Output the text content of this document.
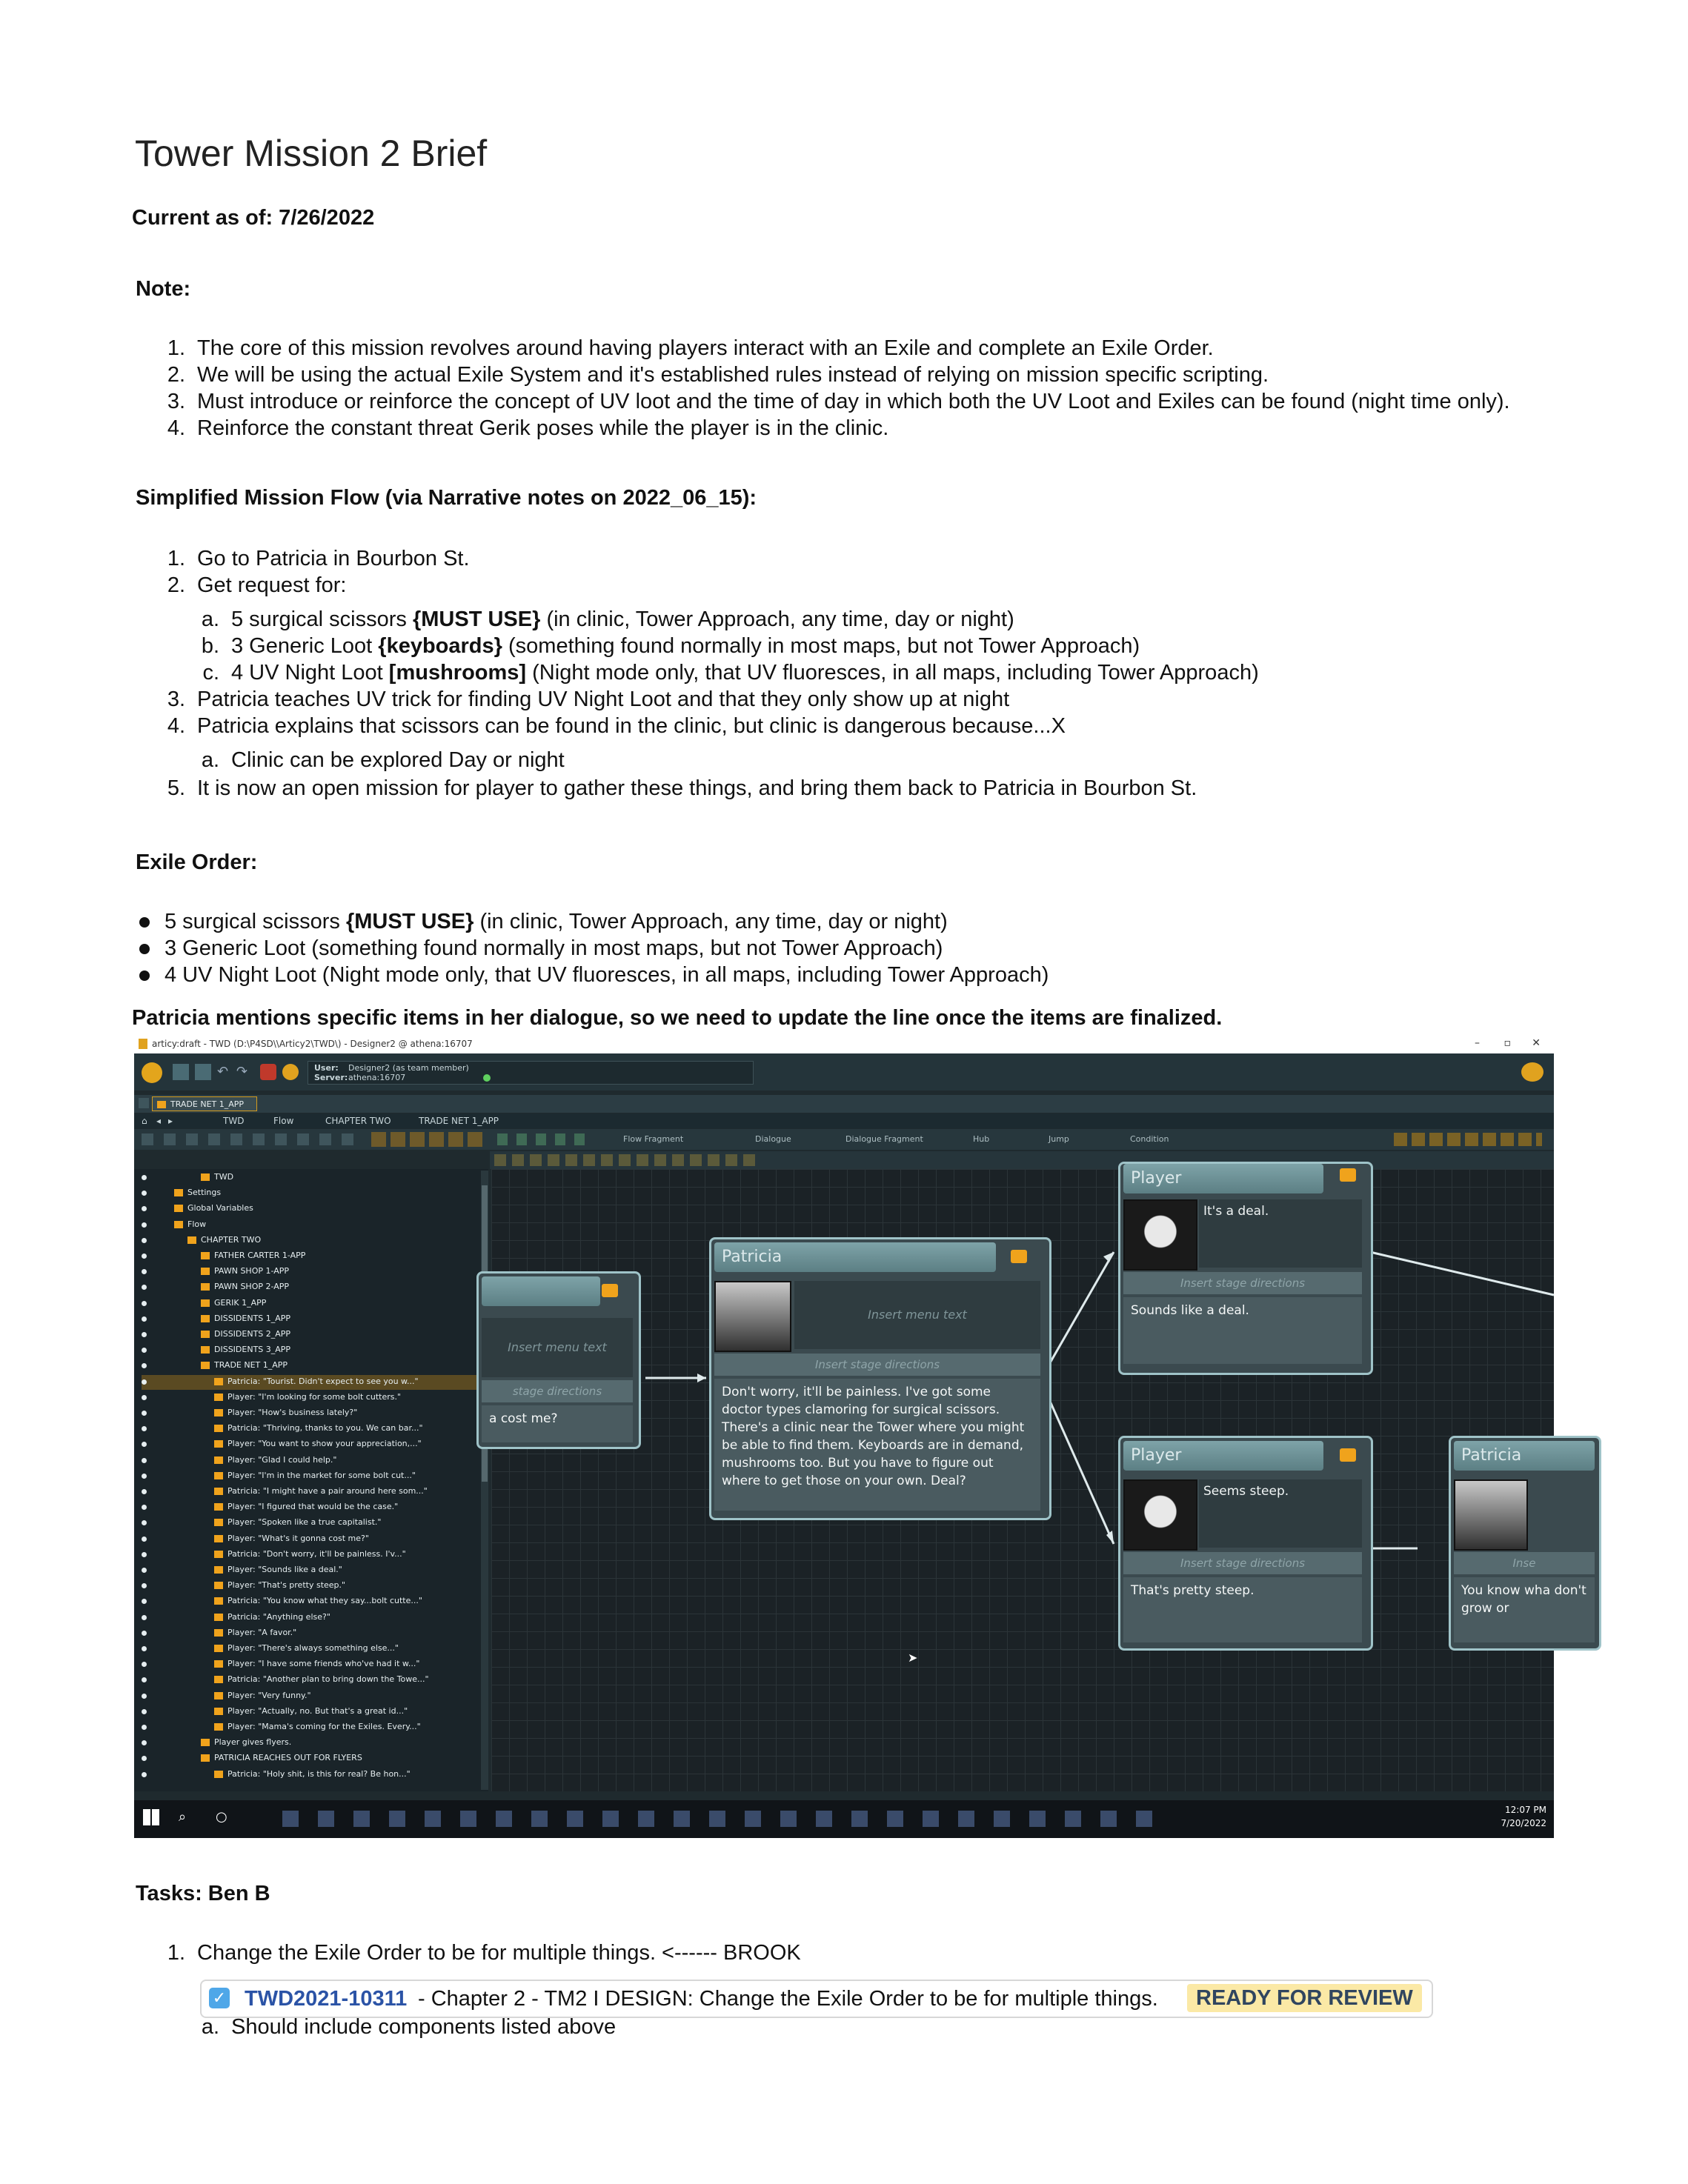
Tower Mission 2 Brief
Current as of: 7/26/2022
Note:
1. The core of this mission revolves around having players interact with an Exile and complete an Exile Order.
2. We will be using the actual Exile System and it's established rules instead of relying on mission specific scripting.
3. Must introduce or reinforce the concept of UV loot and the time of day in which both the UV Loot and Exiles can be found (night time only).
4. Reinforce the constant threat Gerik poses while the player is in the clinic.
Simplified Mission Flow (via Narrative notes on 2022_06_15):
1. Go to Patricia in Bourbon St.
2. Get request for:
a. 5 surgical scissors {MUST USE} (in clinic, Tower Approach, any time, day or night)
b. 3 Generic Loot {keyboards} (something found normally in most maps, but not Tower Approach)
c. 4 UV Night Loot [mushrooms] (Night mode only, that UV fluoresces, in all maps, including Tower Approach)
3. Patricia teaches UV trick for finding UV Night Loot and that they only show up at night
4. Patricia explains that scissors can be found in the clinic, but clinic is dangerous because...X
a. Clinic can be explored Day or night
5. It is now an open mission for player to gather these things, and bring them back to Patricia in Bourbon St.
Exile Order:
5 surgical scissors {MUST USE} (in clinic, Tower Approach, any time, day or night)
3 Generic Loot (something found normally in most maps, but not Tower Approach)
4 UV Night Loot (Night mode only, that UV fluoresces, in all maps, including Tower Approach)
Patricia mentions specific items in her dialogue, so we need to update the line once the items are finalized.
articy:draft - TWD (D:\P4SD\\Articy2\TWD\) - Designer2 @ athena:16707	– ▫ ✕
↶ ↷	User: Designer2 (as team member)
Server: athena:16707
TRADE NET 1_APP
⌂ ◂ ▸	TWD	Flow	CHAPTER TWO	TRADE NET 1_APP
Flow Fragment	Dialogue	Dialogue Fragment	Hub	Jump	Condition
TWD
Settings
Global Variables
Flow
CHAPTER TWO
FATHER CARTER 1-APP
PAWN SHOP 1-APP
PAWN SHOP 2-APP
GERIK 1_APP
DISSIDENTS 1_APP
DISSIDENTS 2_APP
DISSIDENTS 3_APP
TRADE NET 1_APP
Patricia: "Tourist. Didn't expect to see you w..."
Player: "I'm looking for some bolt cutters."
Player: "How's business lately?"
Patricia: "Thriving, thanks to you. We can bar..."
Player: "You want to show your appreciation,..."
Player: "Glad I could help."
Player: "I'm in the market for some bolt cut..."
Patricia: "I might have a pair around here som..."
Player: "I figured that would be the case."
Player: "Spoken like a true capitalist."
Player: "What's it gonna cost me?"
Patricia: "Don't worry, it'll be painless. I'v..."
Player: "Sounds like a deal."
Player: "That's pretty steep."
Patricia: "You know what they say...bolt cutte..."
Patricia: "Anything else?"
Player: "A favor."
Player: "There's always something else..."
Player: "I have some friends who've had it w..."
Patricia: "Another plan to bring down the Towe..."
Player: "Very funny."
Player: "Actually, no. But that's a great id..."
Player: "Mama's coming for the Exiles. Every..."
Player gives flyers.
PATRICIA REACHES OUT FOR FLYERS
Patricia: "Holy shit, is this for real? Be hon..."
Insert menu text
stage directions
a cost me?
Patricia
Insert menu text
Insert stage directions
Don't worry, it'll be painless. I've got some doctor types clamoring for surgical scissors. There's a clinic near the Tower where you might be able to find them. Keyboards are in demand, mushrooms too. But you have to figure out where to get those on your own. Deal?
Player
It's a deal.
Insert stage directions
Sounds like a deal.
Player
Seems steep.
Insert stage directions
That's pretty steep.
Patricia
Inse
You know wha don't grow or
➤
⌕ ○	12:07 PM
7/20/2022
Tasks: Ben B
1. Change the Exile Order to be for multiple things. <------ BROOK
✓ TWD2021-10311 - Chapter 2 - TM2 I DESIGN: Change the Exile Order to be for multiple things.	READY FOR REVIEW
a. Should include components listed above
